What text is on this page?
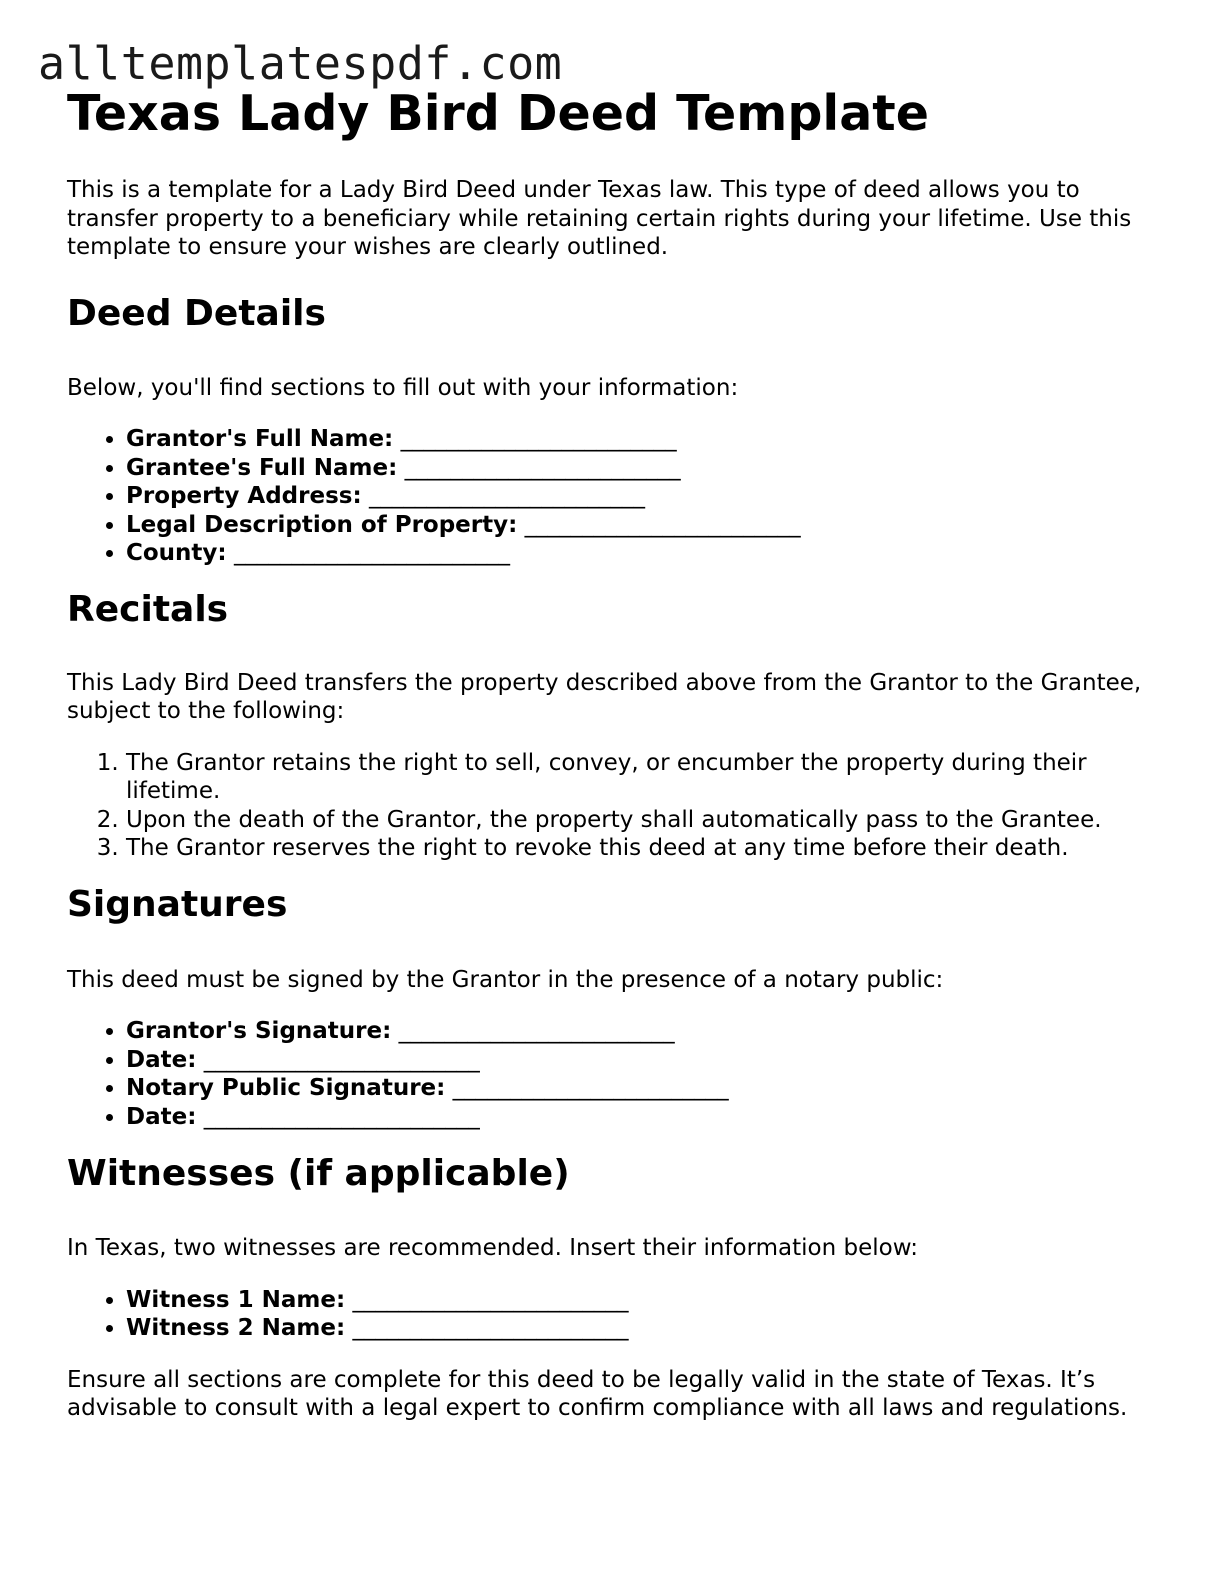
alltemplatespdf.com
Texas Lady Bird Deed Template

This is a template for a Lady Bird Deed under Texas law. This type of deed allows you to transfer property to a beneficiary while retaining certain rights during your lifetime. Use this template to ensure your wishes are clearly outlined.

Deed Details

Below, you'll find sections to fill out with your information:

• Grantor's Full Name: ________________________
• Grantee's Full Name: ________________________
• Property Address: ________________________
• Legal Description of Property: ________________________
• County: ________________________
Recitals

This Lady Bird Deed transfers the property described above from the Grantor to the Grantee, subject to the following:

1. The Grantor retains the right to sell, convey, or encumber the property during their lifetime.
2. Upon the death of the Grantor, the property shall automatically pass to the Grantee.
3. The Grantor reserves the right to revoke this deed at any time before their death.
Signatures

This deed must be signed by the Grantor in the presence of a notary public:

• Grantor's Signature: ________________________
• Date: ________________________
• Notary Public Signature: ________________________
• Date: ________________________
Witnesses (if applicable)

In Texas, two witnesses are recommended. Insert their information below:

• Witness 1 Name: ________________________
• Witness 2 Name: ________________________

Ensure all sections are complete for this deed to be legally valid in the state of Texas. It’s advisable to consult with a legal expert to confirm compliance with all laws and regulations.
